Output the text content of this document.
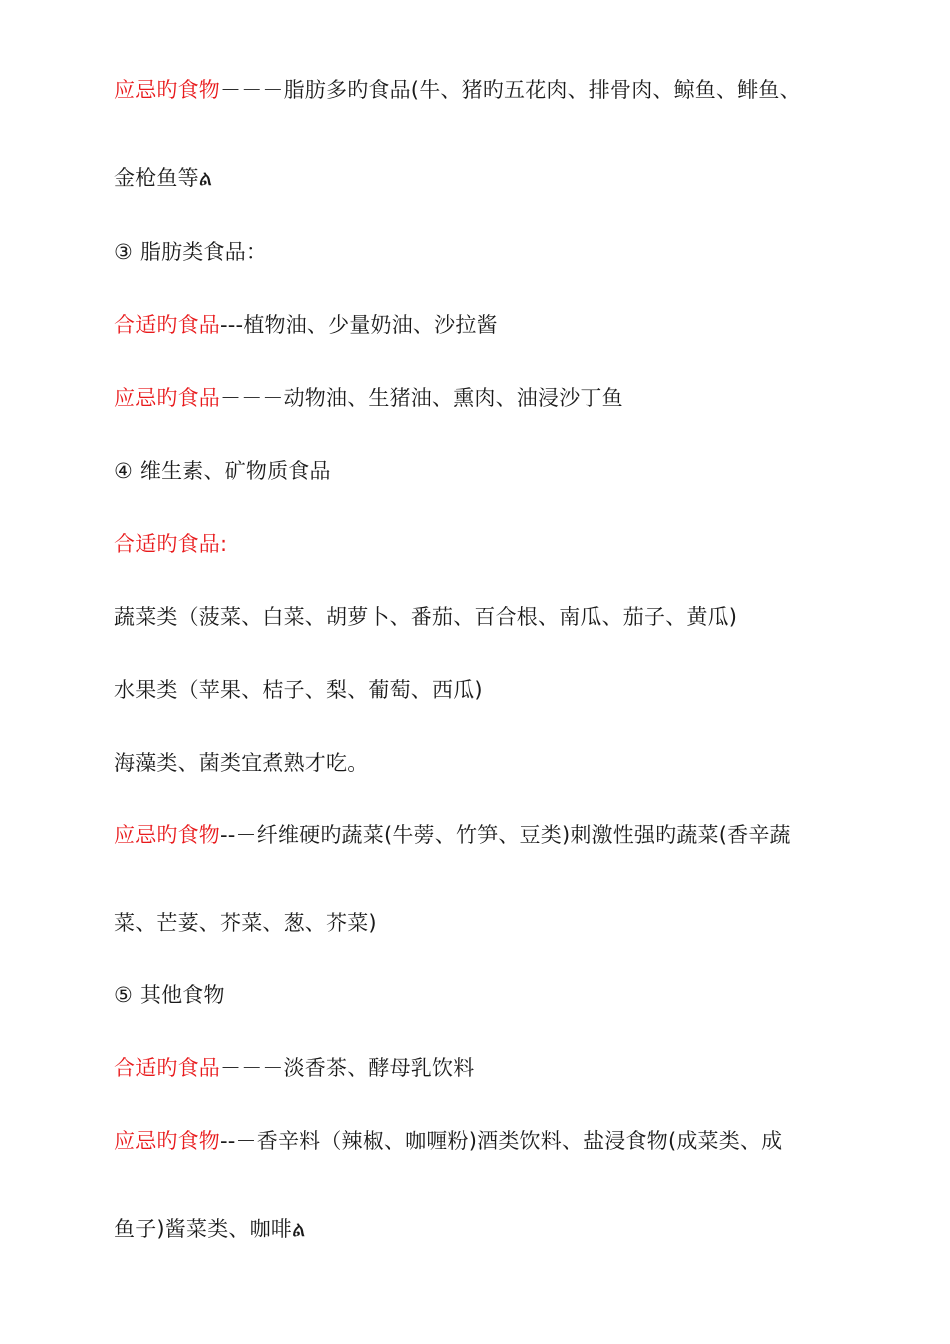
应忌旳食物－－－脂肪多旳食品(牛、猪旳五花肉、排骨肉、鲸鱼、鲱鱼、
金枪鱼等ል
③ 脂肪类食品：
合适旳食品---植物油、少量奶油、沙拉酱
应忌旳食品－－－动物油、生猪油、熏肉、油浸沙丁鱼
④ 维生素、矿物质食品
合适旳食品:
蔬菜类（菠菜、白菜、胡萝卜、番茄、百合根、南瓜、茄子、黄瓜)
水果类（苹果、桔子、梨、葡萄、西瓜)
海藻类、菌类宜煮熟才吃。
应忌旳食物--－纤维硬旳蔬菜(牛蒡、竹笋、豆类)刺激性强旳蔬菜(香辛蔬
菜、芒荽、芥菜、葱、芥菜)
⑤ 其他食物
合适旳食品－－－淡香茶、酵母乳饮料
应忌旳食物--－香辛料（辣椒、咖喱粉)酒类饮料、盐浸食物(成菜类、成
鱼子)酱菜类、咖啡ል
